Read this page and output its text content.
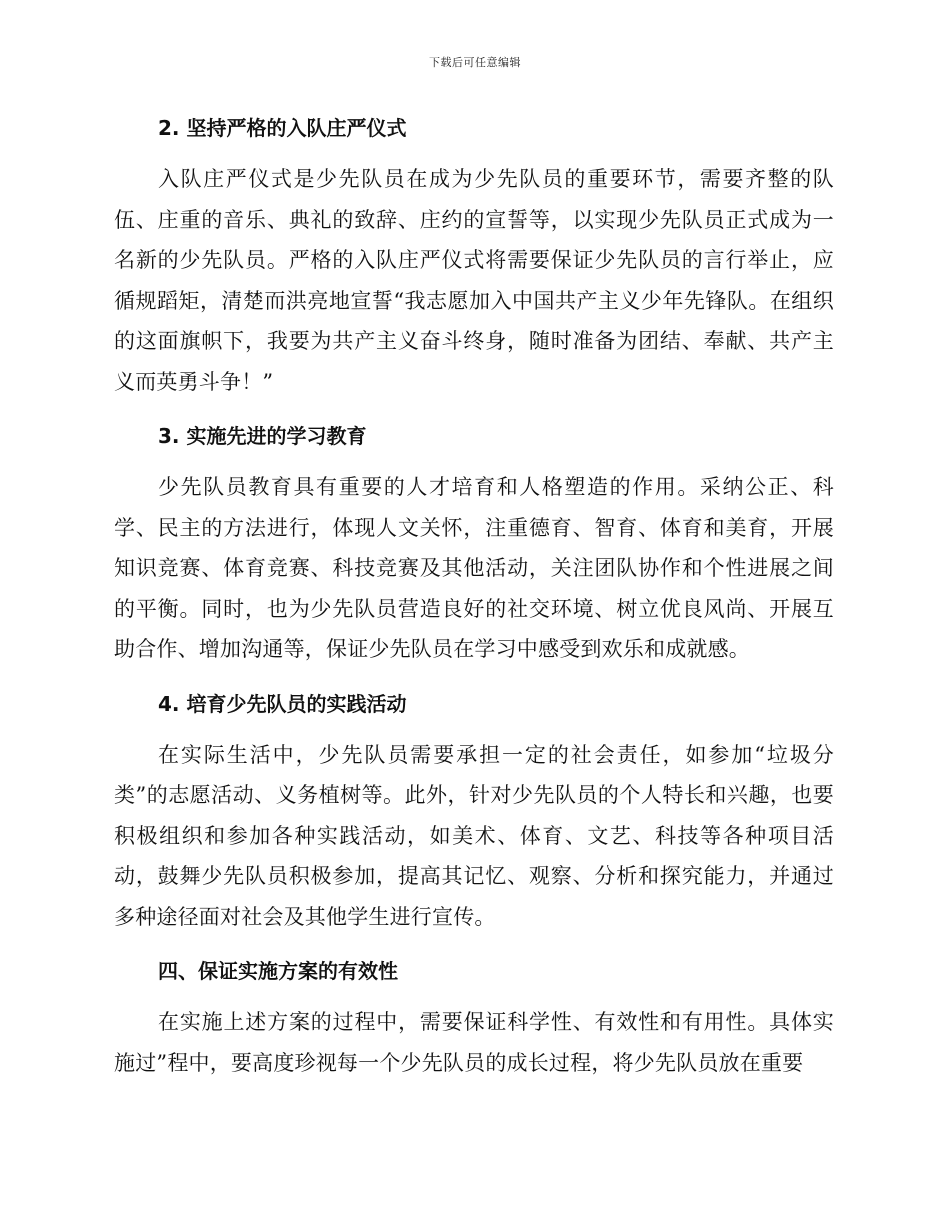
下载后可任意编辑
2. 坚持严格的入队庄严仪式

入队庄严仪式是少先队员在成为少先队员的重要环节，需要齐整的队伍、庄重的音乐、典礼的致辞、庄约的宣誓等，以实现少先队员正式成为一名新的少先队员。严格的入队庄严仪式将需要保证少先队员的言行举止，应循规蹈矩，清楚而洪亮地宣誓“我志愿加入中国共产主义少年先锋队。在组织的这面旗帜下，我要为共产主义奋斗终身，随时准备为团结、奉献、共产主义而英勇斗争！”

3. 实施先进的学习教育

少先队员教育具有重要的人才培育和人格塑造的作用。采纳公正、科学、民主的方法进行，体现人文关怀，注重德育、智育、体育和美育，开展知识竞赛、体育竞赛、科技竞赛及其他活动，关注团队协作和个性进展之间的平衡。同时，也为少先队员营造良好的社交环境、树立优良风尚、开展互助合作、增加沟通等，保证少先队员在学习中感受到欢乐和成就感。

4. 培育少先队员的实践活动

在实际生活中，少先队员需要承担一定的社会责任，如参加“垃圾分类”的志愿活动、义务植树等。此外，针对少先队员的个人特长和兴趣，也要积极组织和参加各种实践活动，如美术、体育、文艺、科技等各种项目活动，鼓舞少先队员积极参加，提高其记忆、观察、分析和探究能力，并通过多种途径面对社会及其他学生进行宣传。

四、保证实施方案的有效性

在实施上述方案的过程中，需要保证科学性、有效性和有用性。具体实施过”程中，要高度珍视每一个少先队员的成长过程，将少先队员放在重要
